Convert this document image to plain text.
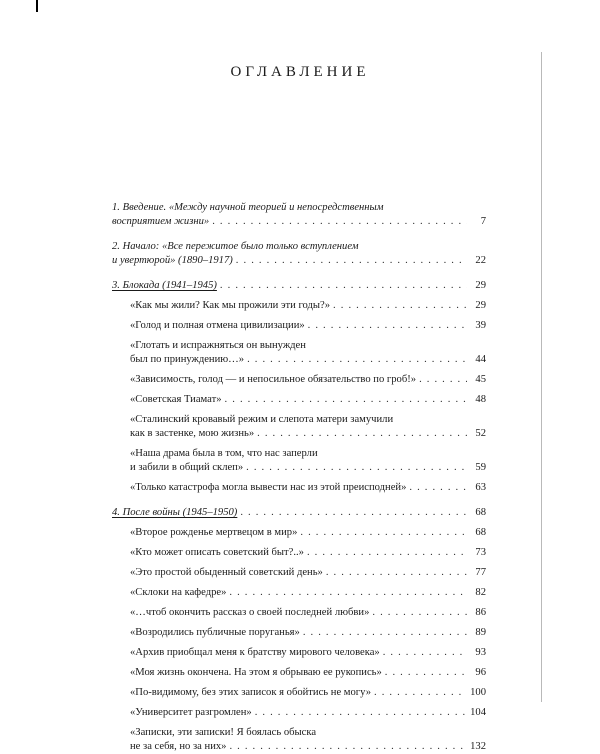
ОГЛАВЛЕНИЕ
1. Введение. «Между научной теорией и непосредственным
восприятием жизни» . . .	7
2. Начало: «Все пережитое было только вступлением
и увертюрой» (1890–1917) . . .	22
3. Блокада (1941–1945) . . .	29
«Как мы жили? Как мы прожили эти годы?» . . .	29
«Голод и полная отмена цивилизации» . . .	39
«Глотать и испражняться он вынужден
был по принуждению…» . . .	44
«Зависимость, голод — и непосильное обязательство по гроб!» . . .	45
«Советская Тиамат» . . .	48
«Сталинский кровавый режим и слепота матери замучили
как в застенке, мою жизнь» . . .	52
«Наша драма была в том, что нас заперли
и забили в общий склеп» . . .	59
«Только катастрофа могла вывести нас из этой преисподней» . . .	63
4. После войны (1945–1950) . . .	68
«Второе рожденье мертвецом в мир» . . .	68
«Кто может описать советский быт?..» . . .	73
«Это простой обыденный советский день» . . .	77
«Склоки на кафедре» . . .	82
«…чтоб окончить рассказ о своей последней любви» . . .	86
«Возродились публичные поруганья» . . .	89
«Архив приобщал меня к братству мирового человека» . . .	93
«Моя жизнь окончена. На этом я обрываю ее рукопись» . . .	96
«По-видимому, без этих записок я обойтись не могу» . . .	100
«Университет разгромлен» . . .	104
«Записки, эти записки! Я боялась обыска
не за себя, но за них» . . .	132
